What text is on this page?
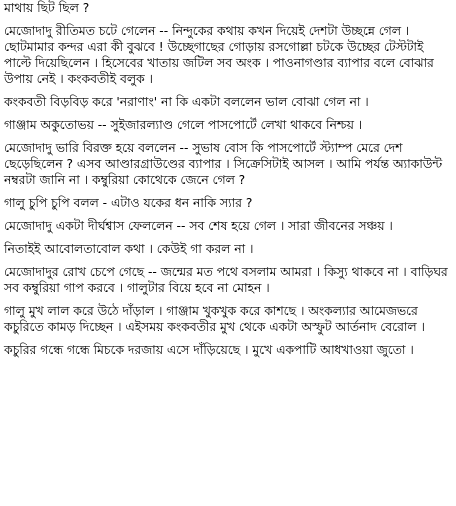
মাথায় ছিট ছিল ?

মেজোদাদু রীতিমত চটে গেলেন -- নিন্দুকের কথায় কখন দিয়েই দেশটা উচ্ছন্নে গেল । ছোটমামার কন্দর এরা কী বুঝবে ! উচ্ছেগাছের গোড়ায় রসগোল্লা চটকে উচ্ছের টেস্টটাই পাল্টে দিয়েছিলেন । হিসেবের খাতায় জটিল সব অংক । পাওনাগণ্ডার ব্যাপার বলে বোঝার উপায় নেই । কংকবতীই বলুক ।

কংকবতী বিড়বিড় করে 'নরাণাং' না কি একটা বললেন ভাল বোঝা গেল না ।

গাঞ্জাম অকুতোভয় -- সুইজারল্যাণ্ড গেলে পাসপোর্টে লেখা থাকবে নিশ্চয় ।

মেজোদাদু ভারি বিরক্ত হয়ে বললেন -- সুভাষ বোস কি পাসপোর্টে স্ট্যাম্প মেরে দেশ ছেড়েছিলেন ? এসব আণ্ডারগ্রাউণ্ডের ব্যাপার । সিক্রেসিটাই আসল । আমি পর্যন্ত অ্যাকাউন্ট নম্বরটা জানি না । কম্বুরিয়া কোথেকে জেনে গেল ?

গালু চুপি চুপি বলল - এটাও যকের ধন নাকি স্যার ?

মেজোদাদু একটা দীর্ঘশ্বাস ফেললেন -- সব শেষ হয়ে গেল । সারা জীবনের সঞ্চয় ।

নিতাইই আবোলতাবোল কথা । কেউই গা করল না ।

মেজোদাদুর রোখ চেপে গেছে -- জন্মের মত পথে বসলাম আমরা । কিস্যু থাকবে না । বাড়িঘর সব কম্বুরিয়া গাপ করবে । গালুটার বিয়ে হবে না মোহন ।

গালু মুখ লাল করে উঠে দাঁড়াল । গাঞ্জাম খুকখুক করে কাশছে । অংকল্যার আমেজভরে কচুরিতে কামড় দিচ্ছেন । এইসময় কংকবতীর মুখ থেকে একটা অস্ফুট আর্তনাদ বেরোল ।

কচুরির গন্ধে গন্ধে মিচকে দরজায় এসে দাঁড়িয়েছে । মুখে একপাটি আধখাওয়া জুতো ।
